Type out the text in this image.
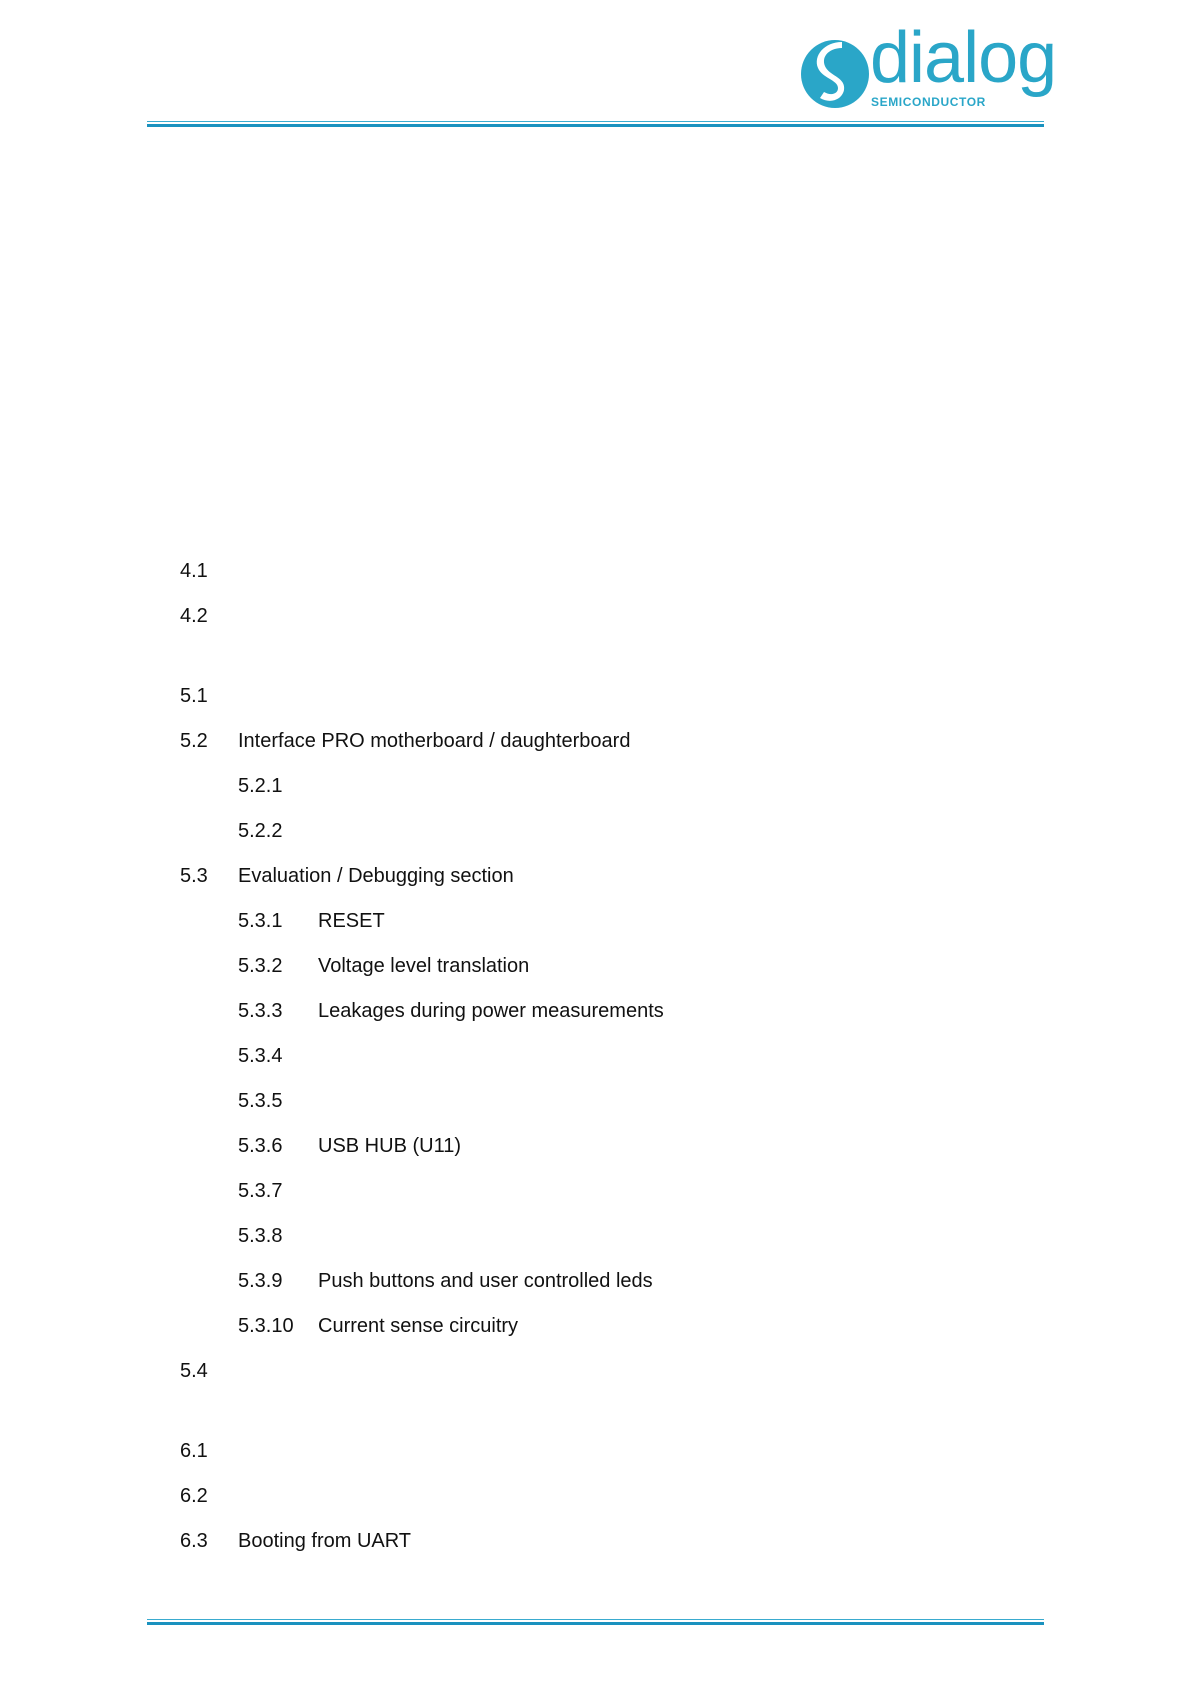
dialog
SEMICONDUCTOR
4.1
4.2
5.1
5.2 Interface PRO motherboard / daughterboard
5.2.1
5.2.2
5.3 Evaluation / Debugging section
5.3.1 RESET
5.3.2 Voltage level translation
5.3.3 Leakages during power measurements
5.3.4
5.3.5
5.3.6 USB HUB (U11)
5.3.7
5.3.8
5.3.9 Push buttons and user controlled leds
5.3.10 Current sense circuitry
5.4
6.1
6.2
6.3 Booting from UART
